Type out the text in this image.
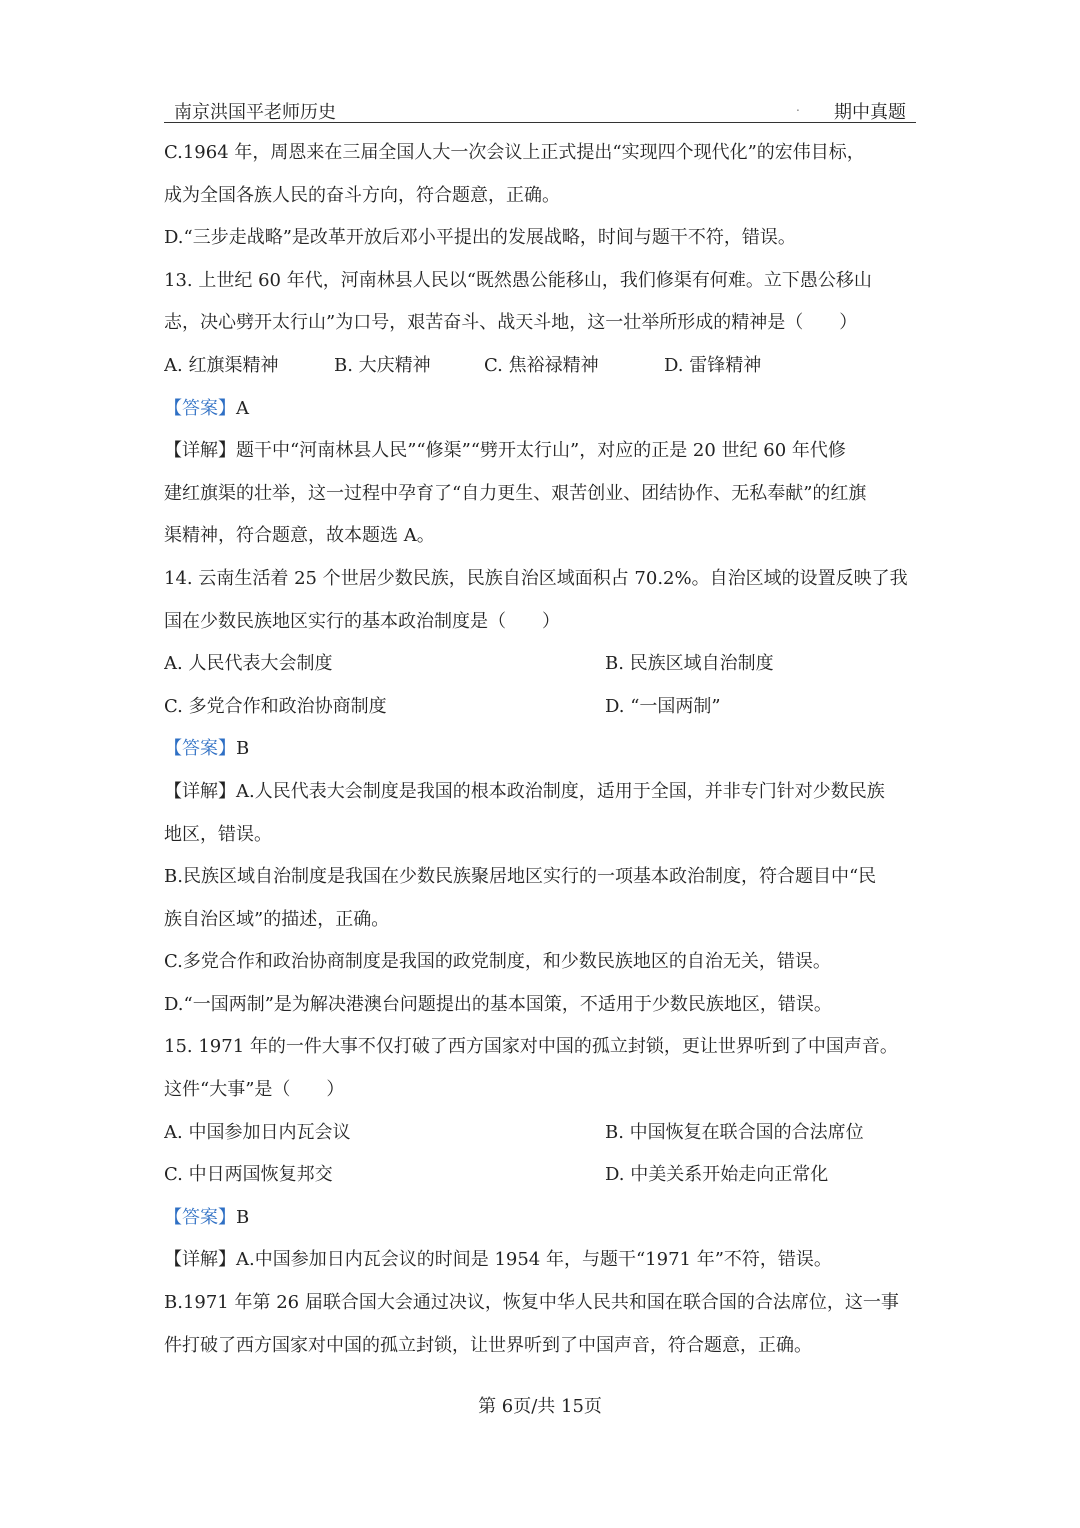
南京洪国平老师历史	. 期中真题
C.1964 年，周恩来在三届全国人大一次会议上正式提出“实现四个现代化”的宏伟目标，
成为全国各族人民的奋斗方向，符合题意，正确。
D.“三步走战略”是改革开放后邓小平提出的发展战略，时间与题干不符，错误。
13. 上世纪 60 年代，河南林县人民以“既然愚公能移山，我们修渠有何难。立下愚公移山
志，决心劈开太行山”为口号，艰苦奋斗、战天斗地，这一壮举所形成的精神是（　　）
A. 红旗渠精神	B. 大庆精神	C. 焦裕禄精神	D. 雷锋精神
【答案】A
【详解】题干中“河南林县人民”“修渠”“劈开太行山”，对应的正是 20 世纪 60 年代修
建红旗渠的壮举，这一过程中孕育了“自力更生、艰苦创业、团结协作、无私奉献”的红旗
渠精神，符合题意，故本题选 A。
14. 云南生活着 25 个世居少数民族，民族自治区域面积占 70.2%。自治区域的设置反映了我
国在少数民族地区实行的基本政治制度是（　　）
A. 人民代表大会制度	B. 民族区域自治制度
C. 多党合作和政治协商制度	D. “一国两制”
【答案】B
【详解】A.人民代表大会制度是我国的根本政治制度，适用于全国，并非专门针对少数民族
地区，错误。
B.民族区域自治制度是我国在少数民族聚居地区实行的一项基本政治制度，符合题目中“民
族自治区域”的描述，正确。
C.多党合作和政治协商制度是我国的政党制度，和少数民族地区的自治无关，错误。
D.“一国两制”是为解决港澳台问题提出的基本国策，不适用于少数民族地区，错误。
15. 1971 年的一件大事不仅打破了西方国家对中国的孤立封锁，更让世界听到了中国声音。
这件“大事”是（　　）
A. 中国参加日内瓦会议	B. 中国恢复在联合国的合法席位
C. 中日两国恢复邦交	D. 中美关系开始走向正常化
【答案】B
【详解】A.中国参加日内瓦会议的时间是 1954 年，与题干“1971 年”不符，错误。
B.1971 年第 26 届联合国大会通过决议，恢复中华人民共和国在联合国的合法席位，这一事
件打破了西方国家对中国的孤立封锁，让世界听到了中国声音，符合题意，正确。
第 6页/共 15页
